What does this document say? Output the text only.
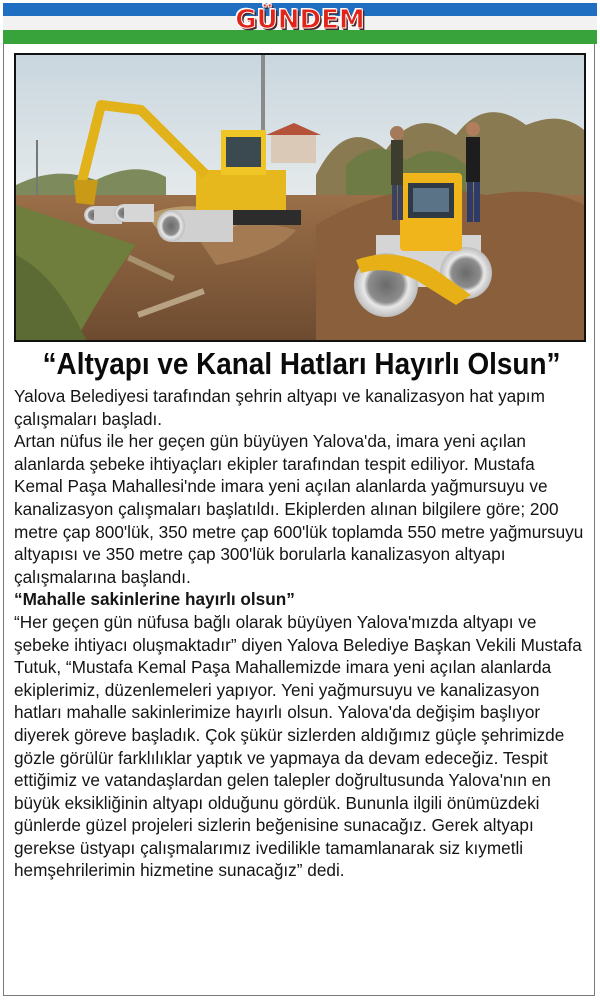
GÜNDEM
“Altyapı ve Kanal Hatları Hayırlı Olsun”

Yalova Belediyesi tarafından şehrin altyapı ve kanalizasyon hat yapım çalışmaları başladı.

Artan nüfus ile her geçen gün büyüyen Yalova'da, imara yeni açılan alanlarda şebeke ihtiyaçları ekipler tarafından tespit ediliyor. Mustafa Kemal Paşa Mahallesi'nde imara yeni açılan alanlarda yağmursuyu ve kanalizasyon çalışmaları başlatıldı. Ekiplerden alınan bilgilere göre; 200 metre çap 800'lük, 350 metre çap 600'lük toplamda 550 metre yağmursuyu altyapısı ve 350 metre çap 300'lük borularla kanalizasyon altyapı çalışmalarına başlandı.

“Mahalle sakinlerine hayırlı olsun”

“Her geçen gün nüfusa bağlı olarak büyüyen Yalova'mızda altyapı ve şebeke ihtiyacı oluşmaktadır” diyen Yalova Belediye Başkan Vekili Mustafa Tutuk, “Mustafa Kemal Paşa Mahallemizde imara yeni açılan alanlarda ekiplerimiz, düzenlemeleri yapıyor. Yeni yağmursuyu ve kanalizasyon hatları mahalle sakinlerimize hayırlı olsun. Yalova'da değişim başlıyor diyerek göreve başladık. Çok şükür sizlerden aldığımız güçle şehrimizde gözle görülür farklılıklar yaptık ve yapmaya da devam edeceğiz. Tespit ettiğimiz ve vatandaşlardan gelen talepler doğrultusunda Yalova'nın en büyük eksikliğinin altyapı olduğunu gördük. Bununla ilgili önümüzdeki günlerde güzel projeleri sizlerin beğenisine sunacağız. Gerek altyapı gerekse üstyapı çalışmalarımız ivedilikle tamamlanarak siz kıymetli hemşehrilerimin hizmetine sunacağız” dedi.
